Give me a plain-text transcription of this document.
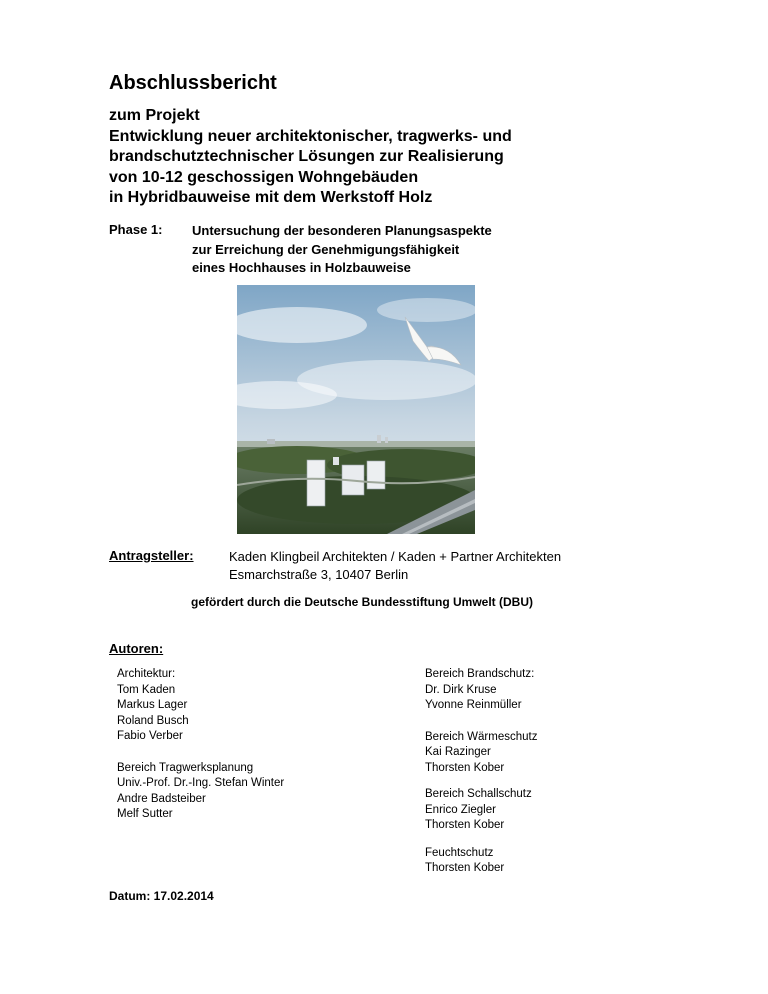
Abschlussbericht
zum Projekt
Entwicklung neuer architektonischer, tragwerks- und
brandschutztechnischer Lösungen zur Realisierung
von 10-12 geschossigen Wohngebäuden
in Hybridbauweise mit dem Werkstoff Holz
Phase 1: Untersuchung der besonderen Planungsaspekte
zur Erreichung der Genehmigungsfähigkeit
eines Hochhauses in Holzbauweise
Antragsteller:	Kaden Klingbeil Architekten / Kaden + Partner Architekten
Esmarchstraße 3, 10407 Berlin
gefördert durch die Deutsche Bundesstiftung Umwelt (DBU)
Autoren:
Architektur:
Tom Kaden
Markus Lager
Roland Busch
Fabio Verber
Bereich Tragwerksplanung
Univ.-Prof. Dr.-Ing. Stefan Winter
Andre Badsteiber
Melf Sutter
Bereich Brandschutz:
Dr. Dirk Kruse
Yvonne Reinmüller
Bereich Wärmeschutz
Kai Razinger
Thorsten Kober
Bereich Schallschutz
Enrico Ziegler
Thorsten Kober
Feuchtschutz
Thorsten Kober
Datum: 17.02.2014
